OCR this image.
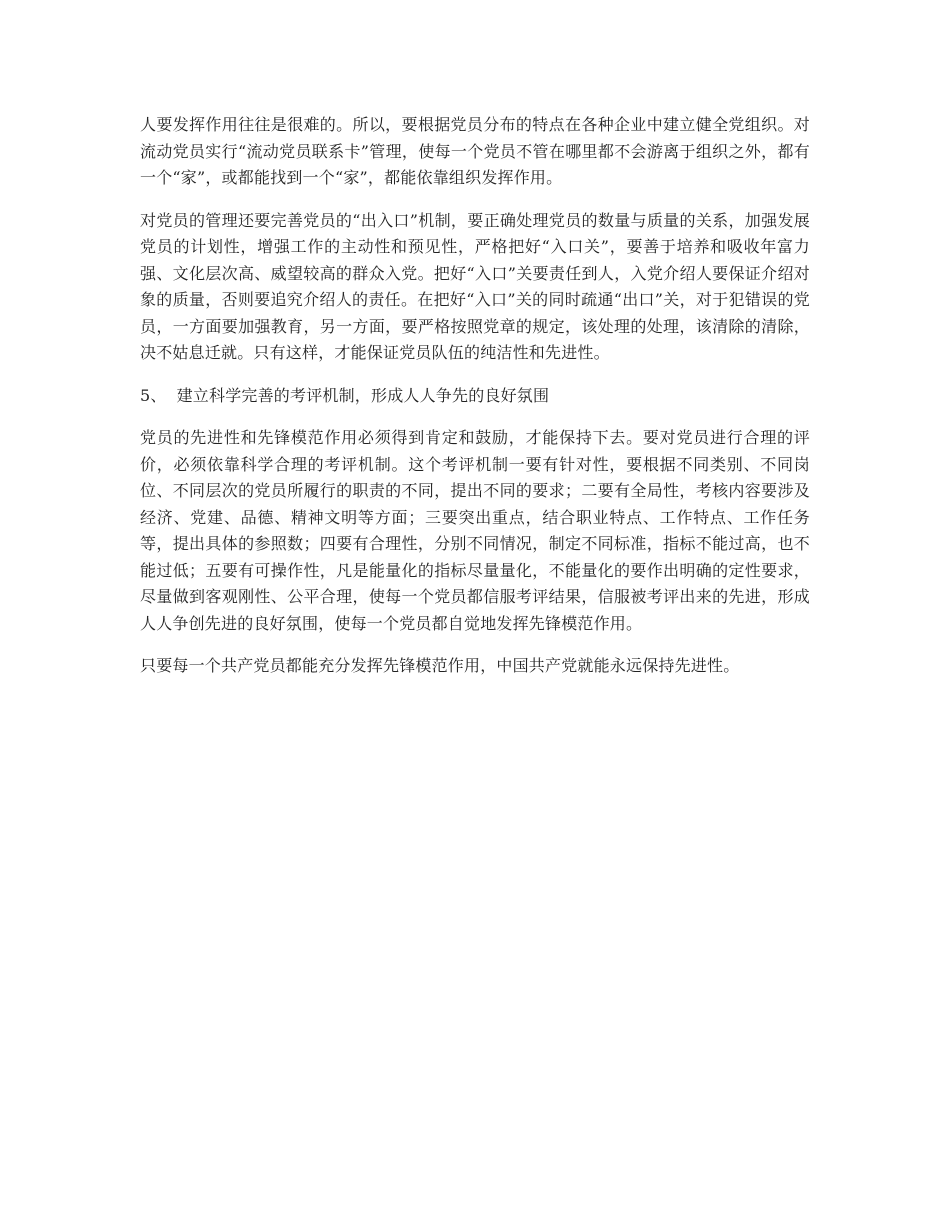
人要发挥作用往往是很难的。所以，要根据党员分布的特点在各种企业中建立健全党组织。对流动党员实行“流动党员联系卡”管理，使每一个党员不管在哪里都不会游离于组织之外，都有一个“家”，或都能找到一个“家”，都能依靠组织发挥作用。

对党员的管理还要完善党员的“出入口”机制，要正确处理党员的数量与质量的关系，加强发展党员的计划性，增强工作的主动性和预见性，严格把好“入口关”，要善于培养和吸收年富力强、文化层次高、威望较高的群众入党。把好“入口”关要责任到人，入党介绍人要保证介绍对象的质量，否则要追究介绍人的责任。在把好“入口”关的同时疏通“出口”关，对于犯错误的党员，一方面要加强教育，另一方面，要严格按照党章的规定，该处理的处理，该清除的清除，决不姑息迁就。只有这样，才能保证党员队伍的纯洁性和先进性。

5、 建立科学完善的考评机制，形成人人争先的良好氛围

党员的先进性和先锋模范作用必须得到肯定和鼓励，才能保持下去。要对党员进行合理的评价，必须依靠科学合理的考评机制。这个考评机制一要有针对性，要根据不同类别、不同岗位、不同层次的党员所履行的职责的不同，提出不同的要求；二要有全局性，考核内容要涉及经济、党建、品德、精神文明等方面；三要突出重点，结合职业特点、工作特点、工作任务等，提出具体的参照数；四要有合理性，分别不同情况，制定不同标准，指标不能过高，也不能过低；五要有可操作性，凡是能量化的指标尽量量化，不能量化的要作出明确的定性要求，尽量做到客观刚性、公平合理，使每一个党员都信服考评结果，信服被考评出来的先进，形成人人争创先进的良好氛围，使每一个党员都自觉地发挥先锋模范作用。

只要每一个共产党员都能充分发挥先锋模范作用，中国共产党就能永远保持先进性。
